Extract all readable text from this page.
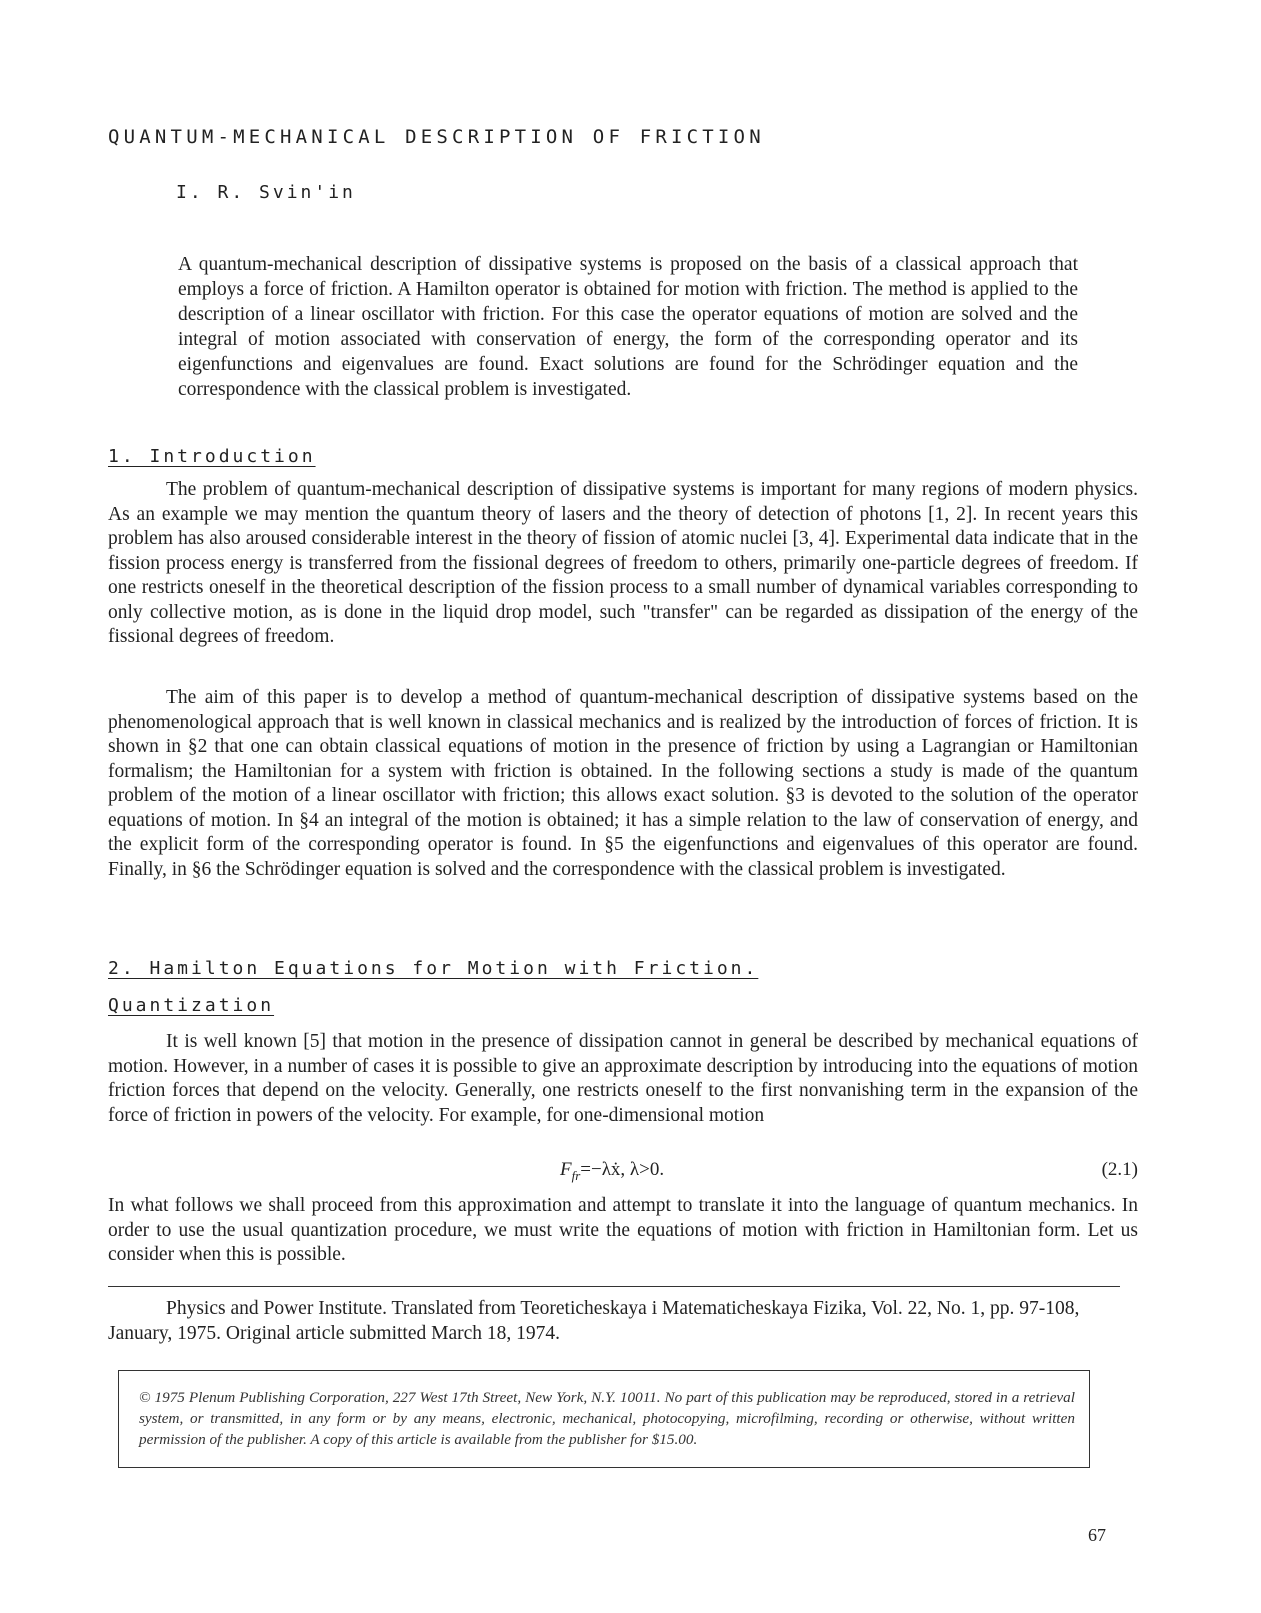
QUANTUM-MECHANICAL DESCRIPTION OF FRICTION
I. R. Svin'in

A quantum-mechanical description of dissipative systems is proposed on the basis of a classical approach that employs a force of friction. A Hamilton operator is obtained for motion with friction. The method is applied to the description of a linear oscillator with friction. For this case the operator equations of motion are solved and the integral of motion associated with conservation of energy, the form of the corresponding operator and its eigenfunctions and eigenvalues are found. Exact solutions are found for the Schrödinger equation and the correspondence with the classical problem is investigated.

1. Introduction

The problem of quantum-mechanical description of dissipative systems is important for many regions of modern physics. As an example we may mention the quantum theory of lasers and the theory of detection of photons [1, 2]. In recent years this problem has also aroused considerable interest in the theory of fission of atomic nuclei [3, 4]. Experimental data indicate that in the fission process energy is transferred from the fissional degrees of freedom to others, primarily one-particle degrees of freedom. If one restricts oneself in the theoretical description of the fission process to a small number of dynamical variables corresponding to only collective motion, as is done in the liquid drop model, such "transfer" can be regarded as dissipation of the energy of the fissional degrees of freedom.

The aim of this paper is to develop a method of quantum-mechanical description of dissipative systems based on the phenomenological approach that is well known in classical mechanics and is realized by the introduction of forces of friction. It is shown in §2 that one can obtain classical equations of motion in the presence of friction by using a Lagrangian or Hamiltonian formalism; the Hamiltonian for a system with friction is obtained. In the following sections a study is made of the quantum problem of the motion of a linear oscillator with friction; this allows exact solution. §3 is devoted to the solution of the operator equations of motion. In §4 an integral of the motion is obtained; it has a simple relation to the law of conservation of energy, and the explicit form of the corresponding operator is found. In §5 the eigenfunctions and eigenvalues of this operator are found. Finally, in §6 the Schrödinger equation is solved and the correspondence with the classical problem is investigated.

2. Hamilton Equations for Motion with Friction.
Quantization

It is well known [5] that motion in the presence of dissipation cannot in general be described by mechanical equations of motion. However, in a number of cases it is possible to give an approximate description by introducing into the equations of motion friction forces that depend on the velocity. Generally, one restricts oneself to the first nonvanishing term in the expansion of the force of friction in powers of the velocity. For example, for one-dimensional motion

$F_{fr}=-\lambda ẋ$, λ>0.	(2.1)

In what follows we shall proceed from this approximation and attempt to translate it into the language of quantum mechanics. In order to use the usual quantization procedure, we must write the equations of motion with friction in Hamiltonian form. Let us consider when this is possible.

Physics and Power Institute. Translated from Teoreticheskaya i Matematicheskaya Fizika, Vol. 22, No. 1, pp. 97-108, January, 1975. Original article submitted March 18, 1974.

© 1975 Plenum Publishing Corporation, 227 West 17th Street, New York, N.Y. 10011. No part of this publication may be reproduced, stored in a retrieval system, or transmitted, in any form or by any means, electronic, mechanical, photocopying, microfilming, recording or otherwise, without written permission of the publisher. A copy of this article is available from the publisher for $15.00.

67
